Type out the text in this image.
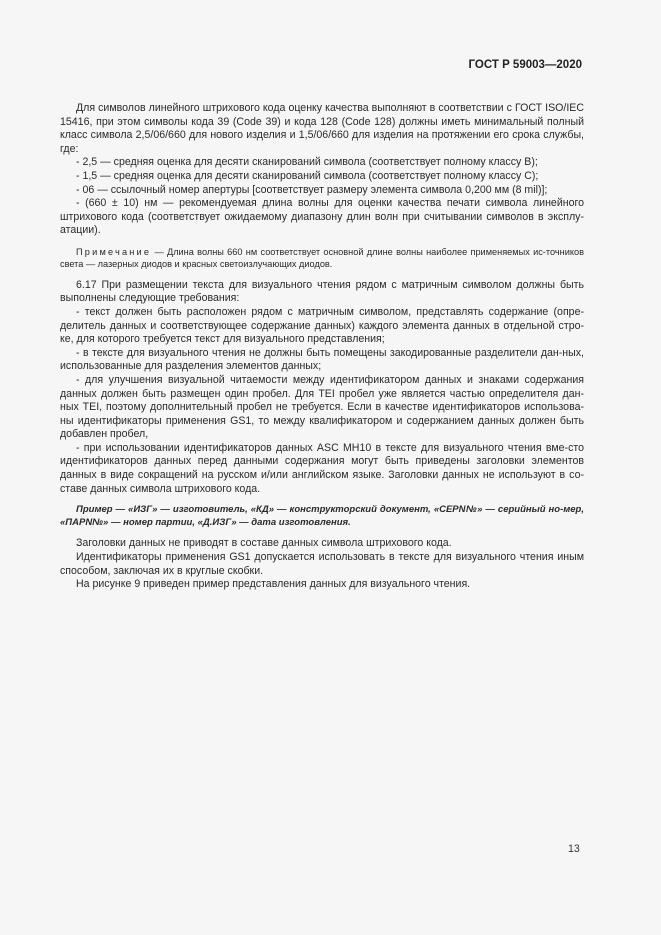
ГОСТ Р 59003—2020

Для символов линейного штрихового кода оценку качества выполняют в соответствии с ГОСТ ISO/IEC 15416, при этом символы кода 39 (Code 39) и кода 128 (Code 128) должны иметь минимальный полный класс символа 2,5/06/660 для нового изделия и 1,5/06/660 для изделия на протяжении его срока службы, где:

- 2,5 — средняя оценка для десяти сканирований символа (соответствует полному классу B);

- 1,5 — средняя оценка для десяти сканирований символа (соответствует полному классу C);

- 06 — ссылочный номер апертуры [соответствует размеру элемента символа 0,200 мм (8 mil)];

- (660 ± 10) нм — рекомендуемая длина волны для оценки качества печати символа линейного штрихового кода (соответствует ожидаемому диапазону длин волн при считывании символов в эксплу-атации).

Примечание — Длина волны 660 нм соответствует основной длине волны наиболее применяемых ис-точников света — лазерных диодов и красных светоизлучающих диодов.

6.17 При размещении текста для визуального чтения рядом с матричным символом должны быть выполнены следующие требования:

- текст должен быть расположен рядом с матричным символом, представлять содержание (опре-делитель данных и соответствующее содержание данных) каждого элемента данных в отдельной стро-ке, для которого требуется текст для визуального представления;

- в тексте для визуального чтения не должны быть помещены закодированные разделители дан-ных, использованные для разделения элементов данных;

- для улучшения визуальной читаемости между идентификатором данных и знаками содержания данных должен быть размещен один пробел. Для TEI пробел уже является частью определителя дан-ных TEI, поэтому дополнительный пробел не требуется. Если в качестве идентификаторов использова-ны идентификаторы применения GS1, то между квалификатором и содержанием данных должен быть добавлен пробел,

- при использовании идентификаторов данных ASC MH10 в тексте для визуального чтения вме-сто идентификаторов данных перед данными содержания могут быть приведены заголовки элементов данных в виде сокращений на русском и/или английском языке. Заголовки данных не используют в со-ставе данных символа штрихового кода.

Пример — «ИЗГ» — изготовитель, «КД» — конструкторский документ, «СЕРN№» — серийный но-мер, «ПАРN№» — номер партии, «Д.ИЗГ» — дата изготовления.

Заголовки данных не приводят в составе данных символа штрихового кода.

Идентификаторы применения GS1 допускается использовать в тексте для визуального чтения иным способом, заключая их в круглые скобки.

На рисунке 9 приведен пример представления данных для визуального чтения.

13
